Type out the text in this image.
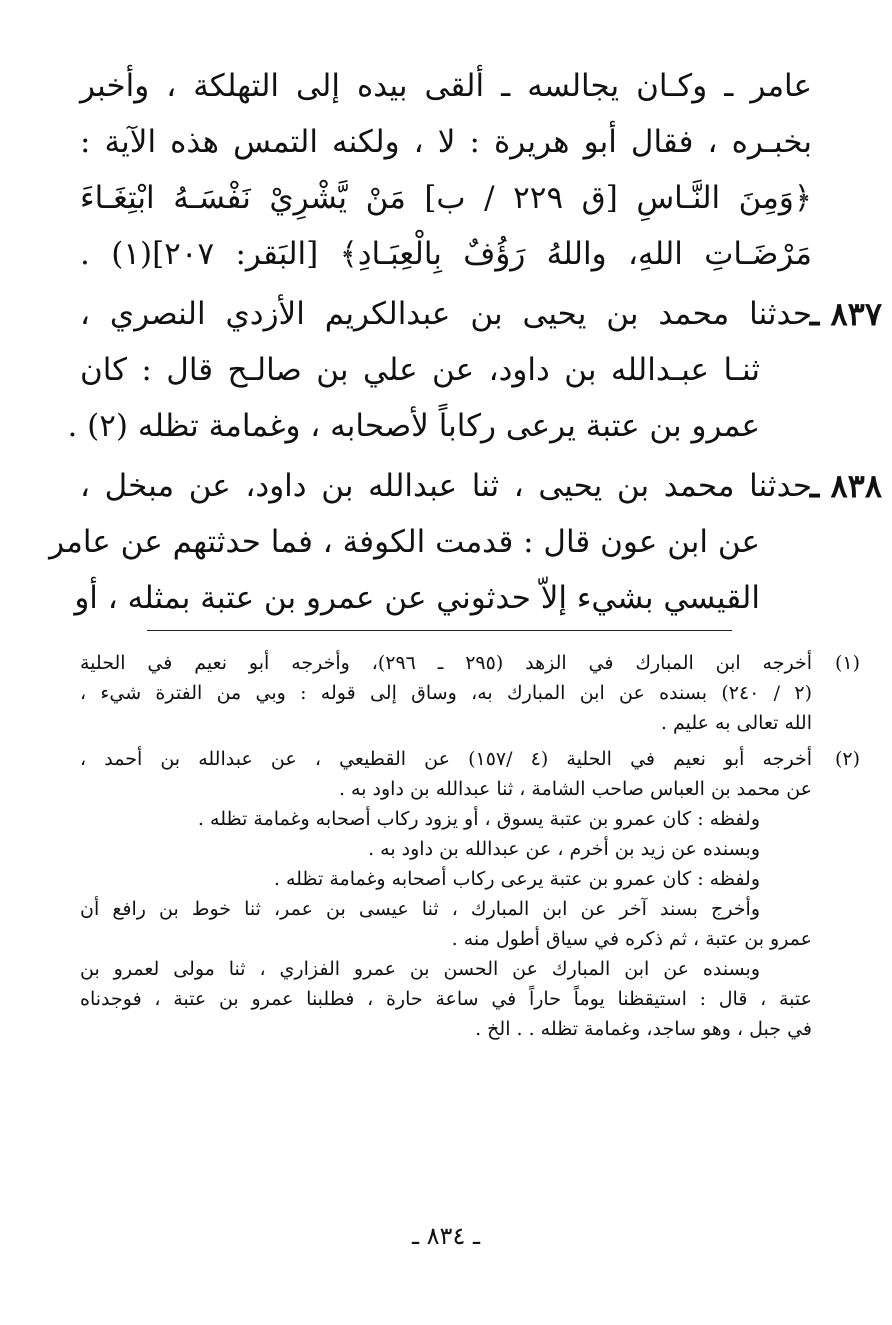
عامر ـ وكـان يجالسه ـ ألقى بيده إلى التهلكة ، وأخبر
بخبـره ، فقال أبو هريرة : لا ، ولكنه التمس هذه الآية :
﴿وَمِنَ النَّـاسِ [ق ٢٢٩ / ب] مَنْ يَّشْرِيْ نَفْسَـهُ ابْتِغَـاءَ
مَرْضَـاتِ اللهِ، واللهُ رَؤُفٌ بِالْعِبَـادِ﴾ [البَقر: ٢٠٧](١) .
٨٣٧ ـ
حدثنا محمد بن يحيى بن عبدالكريم الأزدي النصري ،
ثنـا عبـدالله بن داود، عن علي بن صالـح قال : كان
عمرو بن عتبة يرعى ركاباً لأصحابه ، وغمامة تظله (٢) .
٨٣٨ ـ
حدثنا محمد بن يحيى ، ثنا عبدالله بن داود، عن مبخل ،
عن ابن عون قال : قدمت الكوفة ، فما حدثتهم عن عامر
القيسي بشيء إلاّ حدثوني عن عمرو بن عتبة بمثله ، أو
(١)
أخرجه ابن المبارك في الزهد (٢٩٥ ـ ٢٩٦)، وأخرجه أبو نعيم في الحلية
(٢ / ٢٤٠) بسنده عن ابن المبارك به، وساق إلى قوله : وبي من الفترة شيء ،
الله تعالى به عليم .
(٢)
أخرجه أبو نعيم في الحلية (٤ /١٥٧) عن القطيعي ، عن عبدالله بن أحمد ،
عن محمد بن العباس صاحب الشامة ، ثنا عبدالله بن داود به .
ولفظه : كان عمرو بن عتبة يسوق ، أو يزود ركاب أصحابه وغمامة تظله .
وبسنده عن زيد بن أخرم ، عن عبدالله بن داود به .
ولفظه : كان عمرو بن عتبة يرعى ركاب أصحابه وغمامة تظله .
وأخرج بسند آخر عن ابن المبارك ، ثنا عيسى بن عمر، ثنا خوط بن رافع أن
عمرو بن عتبة ، ثم ذكره في سياق أطول منه .
وبسنده عن ابن المبارك عن الحسن بن عمرو الفزاري ، ثنا مولى لعمرو بن
عتبة ، قال : استيقظنا يوماً حاراً في ساعة حارة ، فطلبنا عمرو بن عتبة ، فوجدناه
في جبل ، وهو ساجد، وغمامة تظله . . الخ .
ـ ٨٣٤ ـ
